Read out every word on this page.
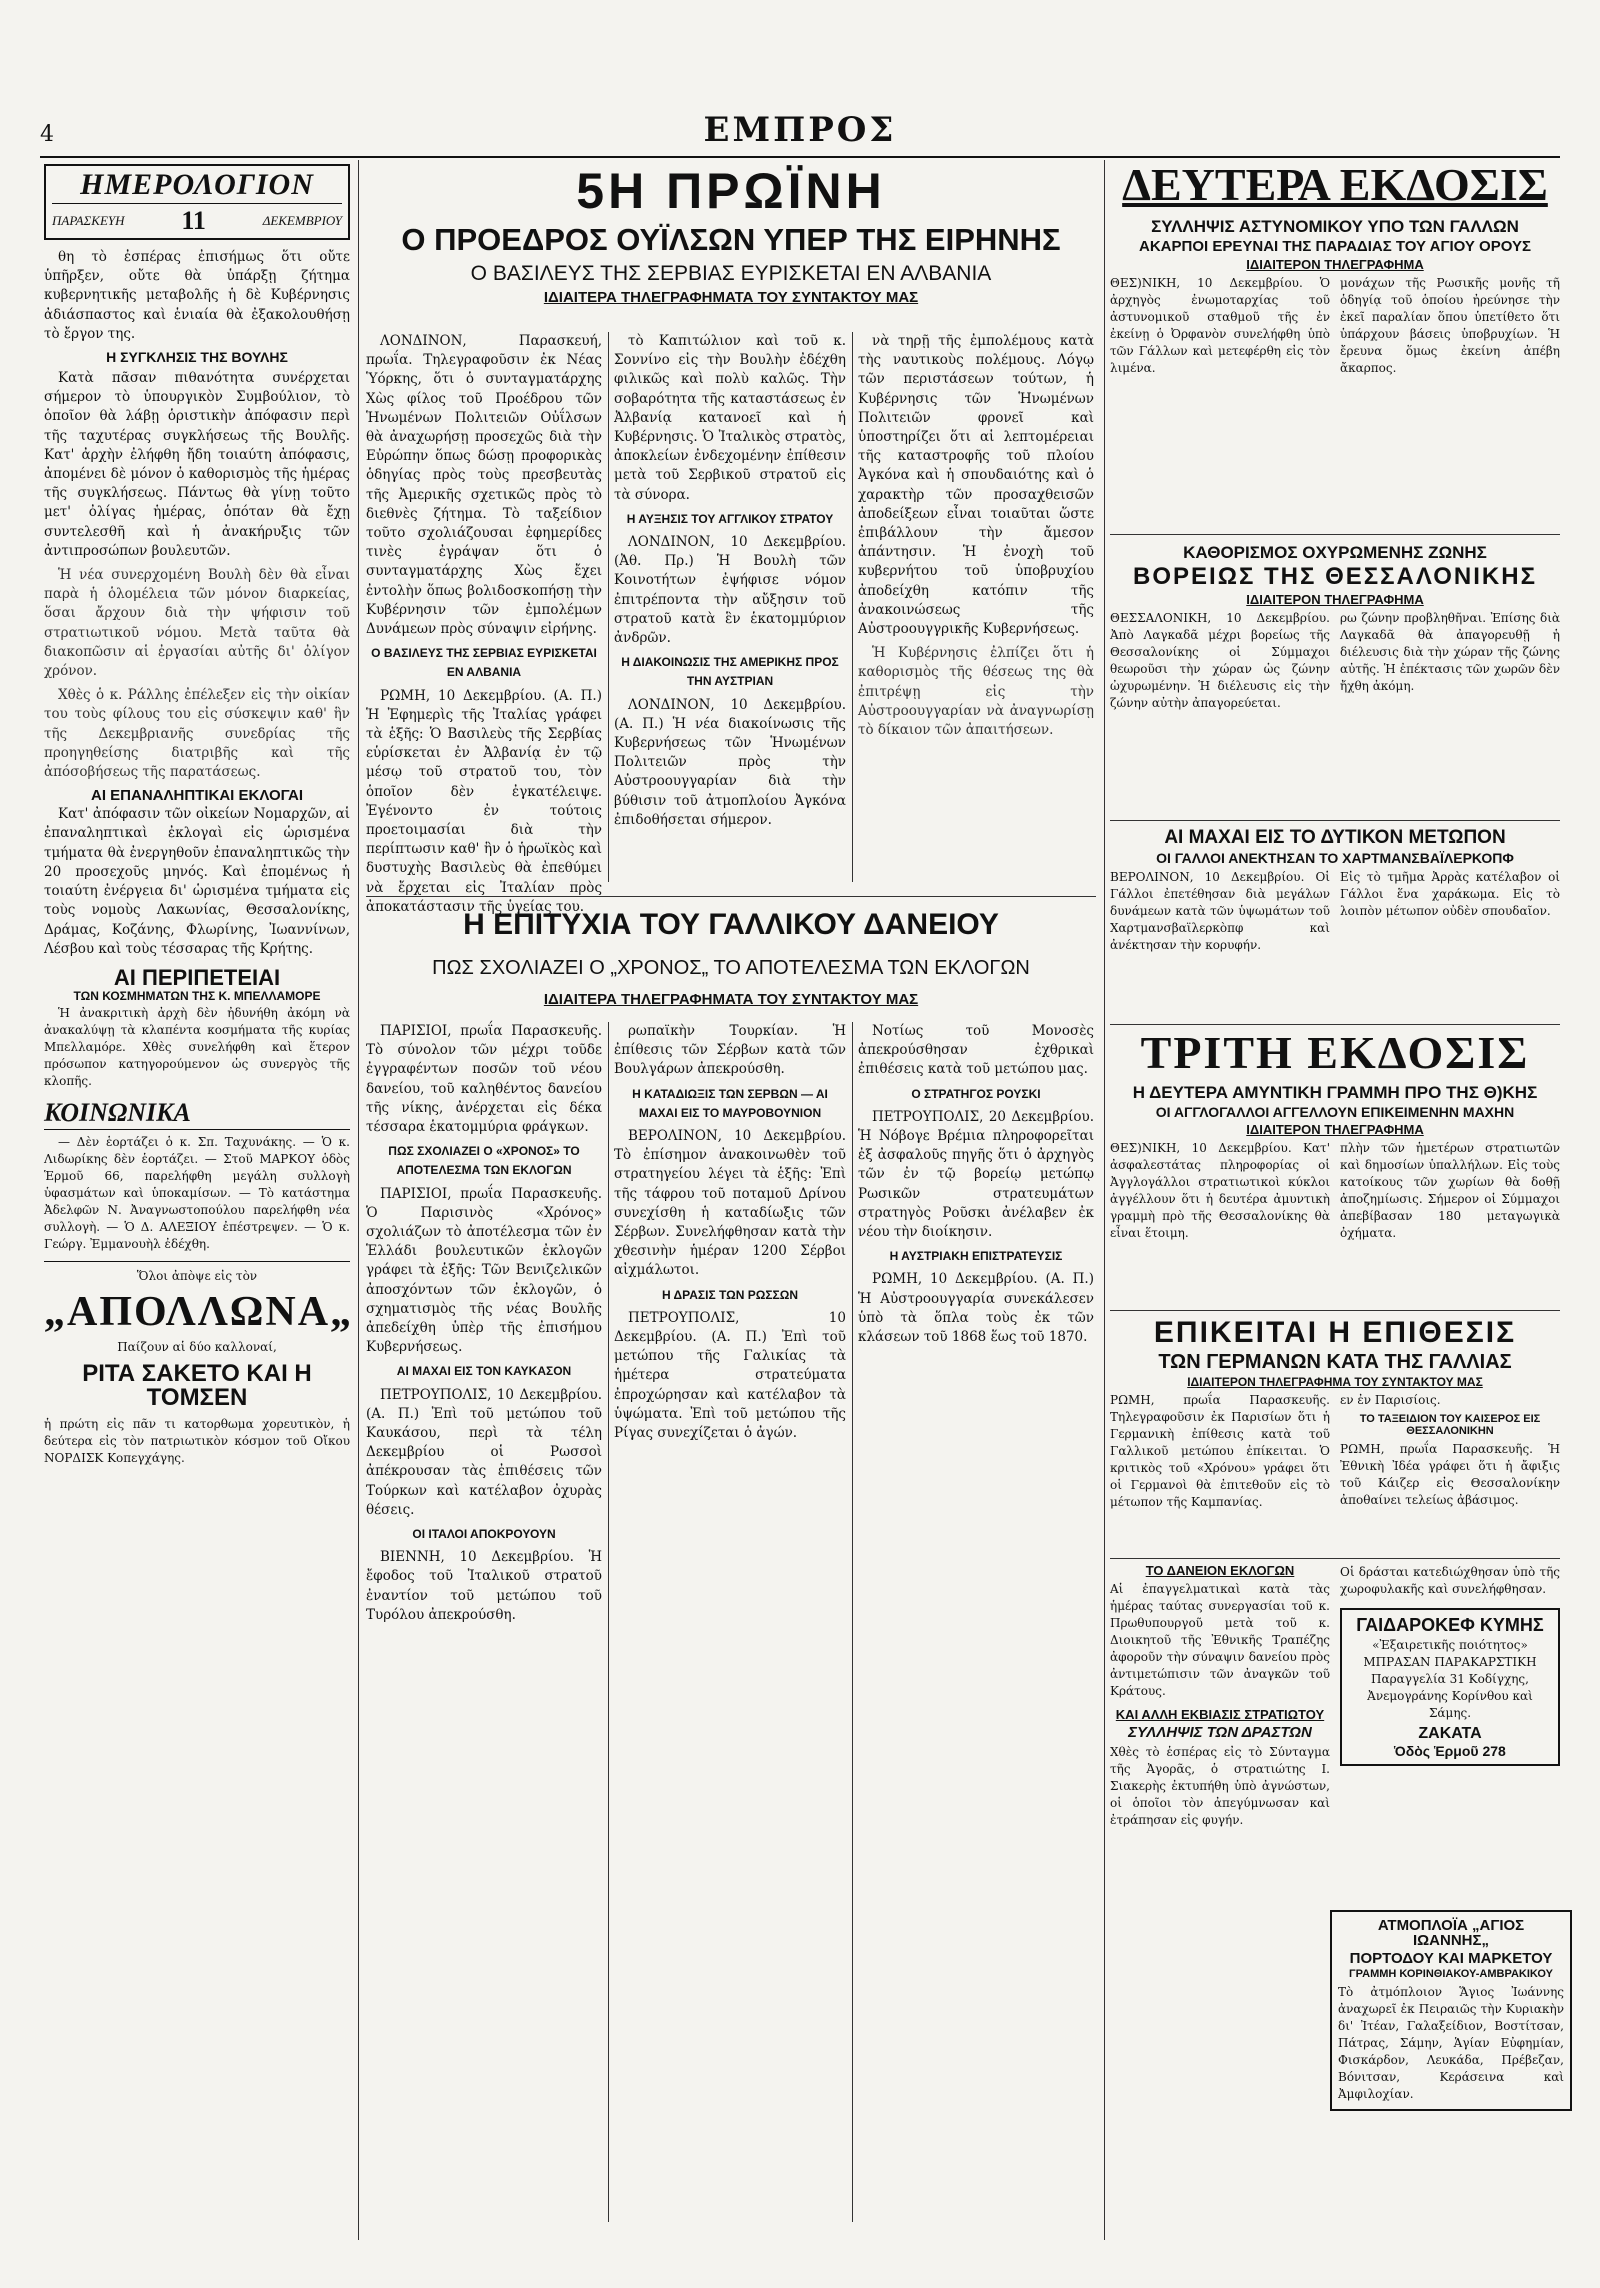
4	ΕΜΠΡΟΣ
ΗΜΕΡΟΛΟΓΙΟΝ
ΠΑΡΑΣΚΕΥΗ 11	ΔΕΚΕΜΒΡΙΟΥ

θη τὸ ἐσπέρας ἐπισήμως ὅτι οὔτε ὑπῆρξεν, οὔτε θὰ ὑπάρξῃ ζήτημα κυβερνητικῆς μεταβολῆς ἡ δὲ Κυβέρνησις ἀδιάσπαστος καὶ ἑνιαία θὰ ἐξακολουθήσῃ τὸ ἔργον της.

Η ΣΥΓΚΛΗΣΙΣ ΤΗΣ ΒΟΥΛΗΣ

Κατὰ πᾶσαν πιθανότητα συνέρχεται σήμερον τὸ ὑπουργικὸν Συμβούλιον, τὸ ὁποῖον θὰ λάβῃ ὁριστικὴν ἀπόφασιν περὶ τῆς ταχυτέρας συγκλήσεως τῆς Βουλῆς. Κατ' ἀρχὴν ἐλήφθη ἤδη τοιαύτη ἀπόφασις, ἀπομένει δὲ μόνον ὁ καθορισμὸς τῆς ἡμέρας τῆς συγκλήσεως. Πάντως θὰ γίνῃ τοῦτο μετ' ὀλίγας ἡμέρας, ὁπόταν θὰ ἔχῃ συντελεσθῆ καὶ ἡ ἀνακήρυξις τῶν ἀντιπροσώπων βουλευτῶν.

Ἡ νέα συνερχομένη Βουλὴ δὲν θὰ εἶναι παρὰ ἡ ὁλομέλεια τῶν μόνον διαρκείας, ὅσαι ἄρχουν διὰ τὴν ψήφισιν τοῦ στρατιωτικοῦ νόμου. Μετὰ ταῦτα θὰ διακοπῶσιν αἱ ἐργασίαι αὐτῆς δι' ὀλίγον χρόνον.

Χθὲς ὁ κ. Ράλλης ἐπέλεξεν εἰς τὴν οἰκίαν του τοὺς φίλους του εἰς σύσκεψιν καθ' ἣν τῆς Δεκεμβριανῆς συνεδρίας τῆς προηγηθείσης διατριβῆς καὶ τῆς ἀπόσοβήσεως τῆς παρατάσεως.

ΑΙ ΕΠΑΝΑΛΗΠΤΙΚΑΙ ΕΚΛΟΓΑΙ

Κατ' ἀπόφασιν τῶν οἰκείων Νομαρχῶν, αἱ ἐπαναληπτικαὶ ἐκλογαὶ εἰς ὡρισμένα τμήματα θὰ ἐνεργηθοῦν ἐπαναληπτικῶς τὴν 20 προσεχοῦς μηνός. Καὶ ἐπομένως ἡ τοιαύτη ἐνέργεια δι' ὡρισμένα τμήματα εἰς τοὺς νομοὺς Λακωνίας, Θεσσαλονίκης, Δράμας, Κοζάνης, Φλωρίνης, Ἰωαννίνων, Λέσβου καὶ τοὺς τέσσαρας τῆς Κρήτης.

ΑΙ ΠΕΡΙΠΕΤΕΙΑΙ
ΤΩΝ ΚΟΣΜΗΜΑΤΩΝ ΤΗΣ Κ. ΜΠΕΛΛΑΜΟΡΕ

Ἡ ἀνακριτικὴ ἀρχὴ δὲν ἠδυνήθη ἀκόμη νὰ ἀνακαλύψῃ τὰ κλαπέντα κοσμήματα τῆς κυρίας Μπελλαμόρε. Χθὲς συνελήφθη καὶ ἕτερον πρόσωπον κατηγορούμενον ὡς συνεργὸς τῆς κλοπῆς.

ΚΟΙΝΩΝΙΚΑ

— Δὲν ἑορτάζει ὁ κ. Σπ. Ταχυνάκης. — Ὁ κ. Λιδωρίκης δὲν ἑορτάζει. — Στοῦ ΜΑΡΚΟΥ ὁδὸς Ἑρμοῦ 66, παρελήφθη μεγάλη συλλογὴ ὑφασμάτων καὶ ὑποκαμίσων. — Τὸ κατάστημα Ἀδελφῶν Ν. Ἀναγνωστοπούλου παρελήφθη νέα συλλογὴ. — Ὁ Δ. ΑΛΕΞΙΟΥ ἐπέστρεψεν. — Ὁ κ. Γεώργ. Ἐμμανουὴλ ἐδέχθη.

Ὅλοι ἀπὸψε εἰς τὸν
„ΑΠΟΛΛΩΝΑ„
Παίζουν αἱ δύο καλλοναί,
ΡΙΤΑ ΣΑΚΕΤΟ ΚΑΙ Η ΤΟΜΣΕΝ
ἡ πρώτη εἰς πᾶν τι κατορθωμα χορευτικὸν, ἡ δεύτερα εἰς τὸν πατριωτικὸν κόσμον τοῦ Οἴκου ΝΟΡΔΙΣΚ Κοπεγχάγης.
5Η ΠΡΩΪΝΗ
Ο ΠΡΟΕΔΡΟΣ ΟΥΪΛΣΩΝ ΥΠΕΡ ΤΗΣ ΕΙΡΗΝΗΣ
Ο ΒΑΣΙΛΕΥΣ ΤΗΣ ΣΕΡΒΙΑΣ ΕΥΡΙΣΚΕΤΑΙ ΕΝ ΑΛΒΑΝΙΑ
ΙΔΙΑΙΤΕΡΑ ΤΗΛΕΓΡΑΦΗΜΑΤΑ ΤΟΥ ΣΥΝΤΑΚΤΟΥ ΜΑΣ

ΛΟΝΔΙΝΟΝ, Παρασκευή, πρωΐα. Τηλεγραφοῦσιν ἐκ Νέας Ὑόρκης, ὅτι ὁ συνταγματάρχης Χὼς φίλος τοῦ Προέδρου τῶν Ἡνωμένων Πολιτειῶν Οὐΐλσων θὰ ἀναχωρήσῃ προσεχῶς διὰ τὴν Εὐρώπην ὅπως δώσῃ προφορικὰς ὁδηγίας πρὸς τοὺς πρεσβευτὰς τῆς Ἀμερικῆς σχετικῶς πρὸς τὸ διεθνὲς ζήτημα. Τὸ ταξείδιον τοῦτο σχολιάζουσαι ἐφημερίδες τινὲς ἐγράψαν ὅτι ὁ συνταγματάρχης Χὼς ἔχει ἐντολὴν ὅπως βολιδοσκοπήσῃ τὴν Κυβέρνησιν τῶν ἐμπολέμων Δυνάμεων πρὸς σύναψιν εἰρήνης.

Ο ΒΑΣΙΛΕΥΣ ΤΗΣ ΣΕΡΒΙΑΣ ΕΥΡΙΣΚΕΤΑΙ ΕΝ ΑΛΒΑΝΙΑ

ΡΩΜΗ, 10 Δεκεμβρίου. (Α. Π.) Ἡ Ἐφημερὶς τῆς Ἰταλίας γράφει τὰ ἑξῆς: Ὁ Βασιλεὺς τῆς Σερβίας εὑρίσκεται ἐν Ἀλβανίᾳ ἐν τῷ μέσῳ τοῦ στρατοῦ του, τὸν ὁποῖον δὲν ἐγκατέλειψε. Ἐγένοντο ἐν τούτοις προετοιμασίαι διὰ τὴν περίπτωσιν καθ' ἣν ὁ ἡρωϊκὸς καὶ δυστυχὴς Βασιλεὺς θὰ ἐπεθύμει νὰ ἔρχεται εἰς Ἰταλίαν πρὸς ἀποκατάστασιν τῆς ὑγείας του.

τὸ Καπιτώλιον καὶ τοῦ κ. Σοννίνο εἰς τὴν Βουλὴν ἐδέχθη φιλικῶς καὶ πολὺ καλῶς. Τὴν σοβαρότητα τῆς καταστάσεως ἐν Ἀλβανίᾳ κατανοεῖ καὶ ἡ Κυβέρνησις. Ὁ Ἰταλικὸς στρατὸς, ἀποκλείων ἐνδεχομένην ἐπίθεσιν μετὰ τοῦ Σερβικοῦ στρατοῦ εἰς τὰ σύνορα.

Η ΑΥΞΗΣΙΣ ΤΟΥ ΑΓΓΛΙΚΟΥ ΣΤΡΑΤΟΥ

ΛΟΝΔΙΝΟΝ, 10 Δεκεμβρίου. (Ἀθ. Πρ.) Ἡ Βουλὴ τῶν Κοινοτήτων ἐψήφισε νόμον ἐπιτρέποντα τὴν αὔξησιν τοῦ στρατοῦ κατὰ ἓν ἑκατομμύριον ἀνδρῶν.

Η ΔΙΑΚΟΙΝΩΣΙΣ ΤΗΣ ΑΜΕΡΙΚΗΣ ΠΡΟΣ ΤΗΝ ΑΥΣΤΡΙΑΝ

ΛΟΝΔΙΝΟΝ, 10 Δεκεμβρίου. (Α. Π.) Ἡ νέα διακοίνωσις τῆς Κυβερνήσεως τῶν Ἡνωμένων Πολιτειῶν πρὸς τὴν Αὐστροουγγαρίαν διὰ τὴν βύθισιν τοῦ ἀτμοπλοίου Ἀγκόνα ἐπιδοθήσεται σήμερον.

νὰ τηρῇ τῆς ἐμπολέμους κατὰ τὴς ναυτικοὺς πολέμους. Λόγῳ τῶν περιστάσεων τούτων, ἡ Κυβέρνησις τῶν Ἡνωμένων Πολιτειῶν φρονεῖ καὶ ὑποστηρίζει ὅτι αἱ λεπτομέρειαι τῆς καταστροφῆς τοῦ πλοίου Ἀγκόνα καὶ ἡ σπουδαιότης καὶ ὁ χαρακτὴρ τῶν προσαχθεισῶν ἀποδείξεων εἶναι τοιαῦται ὥστε ἐπιβάλλουν τὴν ἄμεσον ἀπάντησιν. Ἡ ἐνοχὴ τοῦ κυβερνήτου τοῦ ὑποβρυχίου ἀποδείχθη κατόπιν τῆς ἀνακοινώσεως τῆς Αὐστροουγγρικῆς Κυβερνήσεως.

Ἡ Κυβέρνησις ἐλπίζει ὅτι ἡ καθορισμὸς τῆς θέσεως της θὰ ἐπιτρέψῃ εἰς τὴν Αὐστροουγγαρίαν νὰ ἀναγνωρίσῃ τὸ δίκαιον τῶν ἀπαιτήσεων.

Η ΕΠΙΤΥΧΙΑ ΤΟΥ ΓΑΛΛΙΚΟΥ ΔΑΝΕΙΟΥ
ΠΩΣ ΣΧΟΛΙΑΖΕΙ Ο „ΧΡΟΝΟΣ„ ΤΟ ΑΠΟΤΕΛΕΣΜΑ ΤΩΝ ΕΚΛΟΓΩΝ
ΙΔΙΑΙΤΕΡΑ ΤΗΛΕΓΡΑΦΗΜΑΤΑ ΤΟΥ ΣΥΝΤΑΚΤΟΥ ΜΑΣ

ΠΑΡΙΣΙΟΙ, πρωΐα Παρασκευῆς. Τὸ σύνολον τῶν μέχρι τοῦδε ἐγγραφέντων ποσῶν τοῦ νέου δανείου, τοῦ καληθέντος δανείου τῆς νίκης, ἀνέρχεται εἰς δέκα τέσσαρα ἑκατομμύρια φράγκων.

ΠΩΣ ΣΧΟΛΙΑΖΕΙ Ο «ΧΡΟΝΟΣ» ΤΟ ΑΠΟΤΕΛΕΣΜΑ ΤΩΝ ΕΚΛΟΓΩΝ

ΠΑΡΙΣΙΟΙ, πρωΐα Παρασκευῆς. Ὁ Παρισινὸς «Χρόνος» σχολιάζων τὸ ἀποτέλεσμα τῶν ἐν Ἑλλάδι βουλευτικῶν ἐκλογῶν γράφει τὰ ἑξῆς: Τῶν Βενιζελικῶν ἀποσχόντων τῶν ἐκλογῶν, ὁ σχηματισμὸς τῆς νέας Βουλῆς ἀπεδείχθη ὑπὲρ τῆς ἐπισήμου Κυβερνήσεως.

ΑΙ ΜΑΧΑΙ ΕΙΣ ΤΟΝ ΚΑΥΚΑΣΟΝ

ΠΕΤΡΟΥΠΟΛΙΣ, 10 Δεκεμβρίου. (Α. Π.) Ἐπὶ τοῦ μετώπου τοῦ Καυκάσου, περὶ τὰ τέλη Δεκεμβρίου οἱ Ρωσσοὶ ἀπέκρουσαν τὰς ἐπιθέσεις τῶν Τούρκων καὶ κατέλαβον ὀχυρὰς θέσεις.

ΟΙ ΙΤΑΛΟΙ ΑΠΟΚΡΟΥΟΥΝ

ΒΙΕΝΝΗ, 10 Δεκεμβρίου. Ἡ ἔφοδος τοῦ Ἰταλικοῦ στρατοῦ ἐναντίον τοῦ μετώπου τοῦ Τυρόλου ἀπεκρούσθη.

ρωπαϊκὴν Τουρκίαν. Ἡ ἐπίθεσις τῶν Σέρβων κατὰ τῶν Βουλγάρων ἀπεκρούσθη.

Η ΚΑΤΑΔΙΩΞΙΣ ΤΩΝ ΣΕΡΒΩΝ — ΑΙ ΜΑΧΑΙ ΕΙΣ ΤΟ ΜΑΥΡΟΒΟΥΝΙΟΝ

ΒΕΡΟΛΙΝΟΝ, 10 Δεκεμβρίου. Τὸ ἐπίσημον ἀνακοινωθὲν τοῦ στρατηγείου λέγει τὰ ἑξῆς: Ἐπὶ τῆς τάφρου τοῦ ποταμοῦ Δρίνου συνεχίσθη ἡ καταδίωξις τῶν Σέρβων. Συνελήφθησαν κατὰ τὴν χθεσινὴν ἡμέραν 1200 Σέρβοι αἰχμάλωτοι.

Η ΔΡΑΣΙΣ ΤΩΝ ΡΩΣΣΩΝ

ΠΕΤΡΟΥΠΟΛΙΣ, 10 Δεκεμβρίου. (Α. Π.) Ἐπὶ τοῦ μετώπου τῆς Γαλικίας τὰ ἡμέτερα στρατεύματα ἐπροχώρησαν καὶ κατέλαβον τὰ ὑψώματα. Ἐπὶ τοῦ μετώπου τῆς Ρίγας συνεχίζεται ὁ ἀγών.

Νοτίως τοῦ Μονοσὲς ἀπεκρούσθησαν ἐχθρικαὶ ἐπιθέσεις κατὰ τοῦ μετώπου μας.

Ο ΣΤΡΑΤΗΓΟΣ ΡΟΥΣΚΙ

ΠΕΤΡΟΥΠΟΛΙΣ, 20 Δεκεμβρίου. Ἡ Νόβογε Βρέμια πληροφορεῖται ἐξ ἀσφαλοῦς πηγῆς ὅτι ὁ ἀρχηγὸς τῶν ἐν τῷ βορείῳ μετώπῳ Ρωσικῶν στρατευμάτων στρατηγὸς Ροῦσκι ἀνέλαβεν ἐκ νέου τὴν διοίκησιν.

Η ΑΥΣΤΡΙΑΚΗ ΕΠΙΣΤΡΑΤΕΥΣΙΣ

ΡΩΜΗ, 10 Δεκεμβρίου. (Α. Π.) Ἡ Αὐστροουγγαρία συνεκάλεσεν ὑπὸ τὰ ὅπλα τοὺς ἐκ τῶν κλάσεων τοῦ 1868 ἕως τοῦ 1870.

ΔΕΥΤΕΡΑ ΕΚΔΟΣΙΣ
ΣΥΛΛΗΨΙΣ ΑΣΤΥΝΟΜΙΚΟΥ ΥΠΟ ΤΩΝ ΓΑΛΛΩΝ
ΑΚΑΡΠΟΙ ΕΡΕΥΝΑΙ ΤΗΣ ΠΑΡΑΔΙΑΣ ΤΟΥ ΑΓΙΟΥ ΟΡΟΥΣ
ΙΔΙΑΙΤΕΡΟΝ ΤΗΛΕΓΡΑΦΗΜΑ
ΘΕΣ)ΝΙΚΗ, 10 Δεκεμβρίου. Ὁ ἀρχηγὸς ἐνωμοταρχίας τοῦ ἀστυνομικοῦ σταθμοῦ τῆς ἐν ἐκείνῃ ὁ Ὀρφανὸν συνελήφθη ὑπὸ τῶν Γάλλων καὶ μετεφέρθη εἰς τὸν λιμένα.
μονάχων τῆς Ρωσικῆς μονῆς τῆ ὁδηγίᾳ τοῦ ὁποίου ἠρεύνησε τὴν ἐκεῖ παραλίαν ὅπου ὑπετίθετο ὅτι ὑπάρχουν βάσεις ὑποβρυχίων. Ἡ ἔρευνα ὅμως ἐκείνη ἀπέβη ἄκαρπος.
ΚΑΘΟΡΙΣΜΟΣ ΟΧΥΡΩΜΕΝΗΣ ΖΩΝΗΣ
ΒΟΡΕΙΩΣ ΤΗΣ ΘΕΣΣΑΛΟΝΙΚΗΣ
ΙΔΙΑΙΤΕΡΟΝ ΤΗΛΕΓΡΑΦΗΜΑ
ΘΕΣΣΑΛΟΝΙΚΗ, 10 Δεκεμβρίου. Ἀπὸ Λαγκαδᾶ μέχρι βορείως τῆς Θεσσαλονίκης οἱ Σύμμαχοι θεωροῦσι τὴν χώραν ὡς ζώνην ὠχυρωμένην. Ἡ διέλευσις εἰς τὴν ζώνην αὐτὴν ἀπαγορεύεται.
ρω ζώνην προβληθῆναι. Ἐπίσης διὰ Λαγκαδᾶ θὰ ἀπαγορευθῇ ἡ διέλευσις διὰ τὴν χώραν τῆς ζώνης αὐτῆς. Ἡ ἐπέκτασις τῶν χωρῶν δὲν ἤχθη ἀκόμη.
ΑΙ ΜΑΧΑΙ ΕΙΣ ΤΟ ΔΥΤΙΚΟΝ ΜΕΤΩΠΟΝ
ΟΙ ΓΑΛΛΟΙ ΑΝΕΚΤΗΣΑΝ ΤΟ ΧΑΡΤΜΑΝΣΒΑΪΛΕΡΚΟΠΦ
ΒΕΡΟΛΙΝΟΝ, 10 Δεκεμβρίου. Οἱ Γάλλοι ἐπετέθησαν διὰ μεγάλων δυνάμεων κατὰ τῶν ὑψωμάτων τοῦ Χαρτμανσβαϊλερκὸπφ καὶ ἀνέκτησαν τὴν κορυφήν.
Εἰς τὸ τμῆμα Ἀρρὰς κατέλαβον οἱ Γάλλοι ἕνα χαράκωμα. Εἰς τὸ λοιπὸν μέτωπον οὐδὲν σπουδαῖον.
ΤΡΙΤΗ ΕΚΔΟΣΙΣ
Η ΔΕΥΤΕΡΑ ΑΜΥΝΤΙΚΗ ΓΡΑΜΜΗ ΠΡΟ ΤΗΣ Θ)ΚΗΣ
ΟΙ ΑΓΓΛΟΓΑΛΛΟΙ ΑΓΓΕΛΛΟΥΝ ΕΠΙΚΕΙΜΕΝΗΝ ΜΑΧΗΝ
ΙΔΙΑΙΤΕΡΟΝ ΤΗΛΕΓΡΑΦΗΜΑ
ΘΕΣ)ΝΙΚΗ, 10 Δεκεμβρίου. Κατ' ἀσφαλεστάτας πληροφορίας οἱ Ἀγγλογάλλοι στρατιωτικοὶ κύκλοι ἀγγέλλουν ὅτι ἡ δευτέρα ἀμυντικὴ γραμμὴ πρὸ τῆς Θεσσαλονίκης θὰ εἶναι ἕτοιμη.
πλὴν τῶν ἡμετέρων στρατιωτῶν καὶ δημοσίων ὑπαλλήλων. Εἰς τοὺς κατοίκους τῶν χωρίων θὰ δοθῇ ἀποζημίωσις. Σήμερον οἱ Σύμμαχοι ἀπεβίβασαν 180 μεταγωγικὰ ὀχήματα.
ΕΠΙΚΕΙΤΑΙ Η ΕΠΙΘΕΣΙΣ
ΤΩΝ ΓΕΡΜΑΝΩΝ ΚΑΤΑ ΤΗΣ ΓΑΛΛΙΑΣ
ΙΔΙΑΙΤΕΡΟΝ ΤΗΛΕΓΡΑΦΗΜΑ ΤΟΥ ΣΥΝΤΑΚΤΟΥ ΜΑΣ
ΡΩΜΗ, πρωΐα Παρασκευῆς. Τηλεγραφοῦσιν ἐκ Παρισίων ὅτι ἡ Γερμανικὴ ἐπίθεσις κατὰ τοῦ Γαλλικοῦ μετώπου ἐπίκειται. Ὁ κριτικὸς τοῦ «Χρόνου» γράφει ὅτι οἱ Γερμανοὶ θὰ ἐπιτεθοῦν εἰς τὸ μέτωπον τῆς Καμπανίας.
εν ἐν Παρισίοις.
ΤΟ ΤΑΞΕΙΔΙΟΝ ΤΟΥ ΚΑΙΣΕΡΟΣ ΕΙΣ ΘΕΣΣΑΛΟΝΙΚΗΝ
ΡΩΜΗ, πρωΐα Παρασκευῆς. Ἡ Ἐθνικὴ Ἰδέα γράφει ὅτι ἡ ἄφιξις τοῦ Κάιζερ εἰς Θεσσαλονίκην ἀποθαίνει τελείως ἀβάσιμος.
ΤΟ ΔΑΝΕΙΟΝ ΕΚΛΟΓΩΝ
Αἱ ἐπαγγελματικαὶ κατὰ τὰς ἡμέρας ταύτας συνεργασίαι τοῦ κ. Πρωθυπουργοῦ μετὰ τοῦ κ. Διοικητοῦ τῆς Ἐθνικῆς Τραπέζης ἀφοροῦν τὴν σύναψιν δανείου πρὸς ἀντιμετώπισιν τῶν ἀναγκῶν τοῦ Κράτους.
ΚΑΙ ΑΛΛΗ ΕΚΒΙΑΣΙΣ ΣΤΡΑΤΙΩΤΟΥ
ΣΥΛΛΗΨΙΣ ΤΩΝ ΔΡΑΣΤΩΝ
Χθὲς τὸ ἑσπέρας εἰς τὸ Σύνταγμα τῆς Ἀγορᾶς, ὁ στρατιώτης Ι. Σιακερὴς ἐκτυπήθη ὑπὸ ἀγνώστων, οἱ ὁποῖοι τὸν ἀπεγύμνωσαν καὶ ἐτράπησαν εἰς φυγήν.
Οἱ δράσται κατεδιώχθησαν ὑπὸ τῆς χωροφυλακῆς καὶ συνελήφθησαν.
ΓΑΙΔΑΡΟΚΕΦ ΚΥΜΗΣ
«Ἐξαιρετικῆς ποιότητος» ΜΠΡΑΣΑΝ ΠΑΡΑΚΑΡΣΤΙΚΗ Παραγγελία 31 Κοδίγχης, Ἀνεμογράνης Κορίνθου καὶ Σάμης.
ΖΑΚΑΤΑ
Ὁδὸς Ἑρμοῦ 278
ΑΤΜΟΠΛΟΪΑ „ΑΓΙΟΣ ΙΩΑΝΝΗΣ„
ΠΟΡΤΟΔΟΥ ΚΑΙ ΜΑΡΚΕΤΟΥ
ΓΡΑΜΜΗ ΚΟΡΙΝΘΙΑΚΟΥ-ΑΜΒΡΑΚΙΚΟΥ
Τὸ ἀτμόπλοιον Ἅγιος Ἰωάννης ἀναχωρεῖ ἐκ Πειραιῶς τὴν Κυριακὴν δι' Ἰτέαν, Γαλαξείδιον, Βοστίτσαν, Πάτρας, Σάμην, Ἁγίαν Εὐφημίαν, Φισκάρδον, Λευκάδα, Πρέβεζαν, Βόνιτσαν, Κεράσεινα καὶ Ἀμφιλοχίαν.
